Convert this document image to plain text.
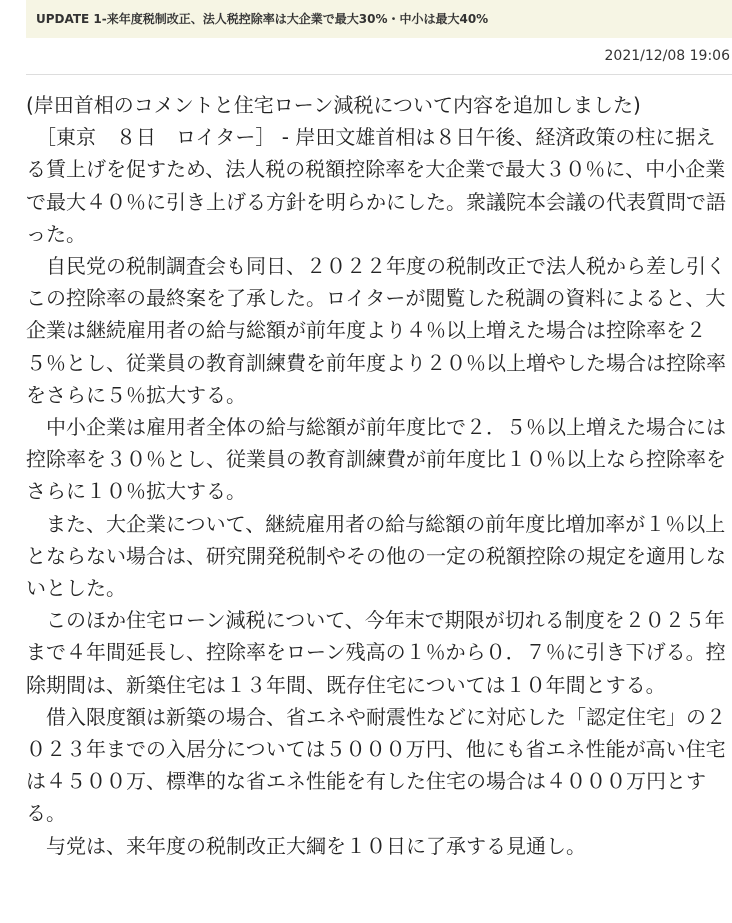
UPDATE 1-来年度税制改正、法人税控除率は大企業で最大30%・中小は最大40%
2021/12/08 19:06

(岸田首相のコメントと住宅ローン減税について内容を追加しました)

　［東京　８日　ロイター］ - 岸田文雄首相は８日午後、経済政策の柱に据える賃上げを促すため、法人税の税額控除率を大企業で最大３０％に、中小企業で最大４０％に引き上げる方針を明らかにした。衆議院本会議の代表質問で語った。

　自民党の税制調査会も同日、２０２２年度の税制改正で法人税から差し引くこの控除率の最終案を了承した。ロイターが閲覧した税調の資料によると、大企業は継続雇用者の給与総額が前年度より４％以上増えた場合は控除率を２５％とし、従業員の教育訓練費を前年度より２０％以上増やした場合は控除率をさらに５％拡大する。

　中小企業は雇用者全体の給与総額が前年度比で２．５％以上増えた場合には控除率を３０％とし、従業員の教育訓練費が前年度比１０％以上なら控除率をさらに１０％拡大する。

　また、大企業について、継続雇用者の給与総額の前年度比増加率が１％以上とならない場合は、研究開発税制やその他の一定の税額控除の規定を適用しないとした。

　このほか住宅ローン減税について、今年末で期限が切れる制度を２０２５年まで４年間延長し、控除率をローン残高の１％から０．７％に引き下げる。控除期間は、新築住宅は１３年間、既存住宅については１０年間とする。

　借入限度額は新築の場合、省エネや耐震性などに対応した「認定住宅」の２０２３年までの入居分については５０００万円、他にも省エネ性能が高い住宅は４５００万、標準的な省エネ性能を有した住宅の場合は４０００万円とする。

　与党は、来年度の税制改正大綱を１０日に了承する見通し。
